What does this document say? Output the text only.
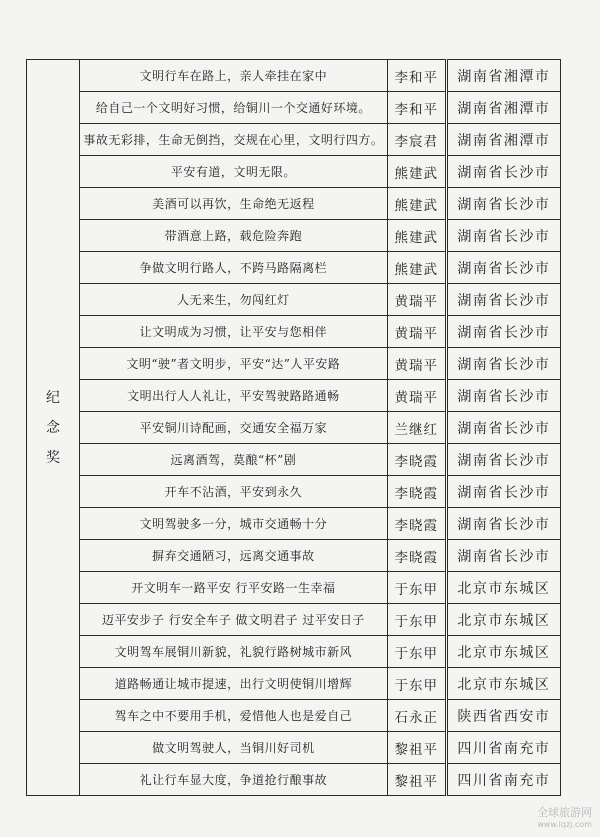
纪念奖	文明行车在路上，亲人牵挂在家中	李和平	湖南省湘潭市
	给自己一个文明好习惯，给铜川一个交通好环境。	李和平	湖南省湘潭市
	事故无彩排，生命无倒挡，交规在心里，文明行四方。	李宸君	湖南省湘潭市
	平安有道，文明无限。	熊建武	湖南省长沙市
	美酒可以再饮，生命绝无返程	熊建武	湖南省长沙市
	带酒意上路，载危险奔跑	熊建武	湖南省长沙市
	争做文明行路人，不跨马路隔离栏	熊建武	湖南省长沙市
	人无来生，勿闯红灯	黄瑞平	湖南省长沙市
	让文明成为习惯，让平安与您相伴	黄瑞平	湖南省长沙市
	文明“驶”者文明步，平安“达”人平安路	黄瑞平	湖南省长沙市
	文明出行人人礼让，平安驾驶路路通畅	黄瑞平	湖南省长沙市
	平安铜川诗配画，交通安全福万家	兰继红	湖南省长沙市
	远离酒驾，莫酿“杯”剧	李晓霞	湖南省长沙市
	开车不沾酒，平安到永久	李晓霞	湖南省长沙市
	文明驾驶多一分，城市交通畅十分	李晓霞	湖南省长沙市
	摒弃交通陋习，远离交通事故	李晓霞	湖南省长沙市
	开文明车一路平安 行平安路一生幸福	于东甲	北京市东城区
	迈平安步子 行安全车子 做文明君子 过平安日子	于东甲	北京市东城区
	文明驾车展铜川新貌，礼貌行路树城市新风	于东甲	北京市东城区
	道路畅通让城市提速，出行文明使铜川增辉	于东甲	北京市东城区
	驾车之中不要用手机，爱惜他人也是爱自己	石永正	陕西省西安市
	做文明驾驶人，当铜川好司机	黎祖平	四川省南充市
	礼让行车显大度，争道抢行酿事故	黎祖平	四川省南充市
全球旅游网
www.lqzj.com
